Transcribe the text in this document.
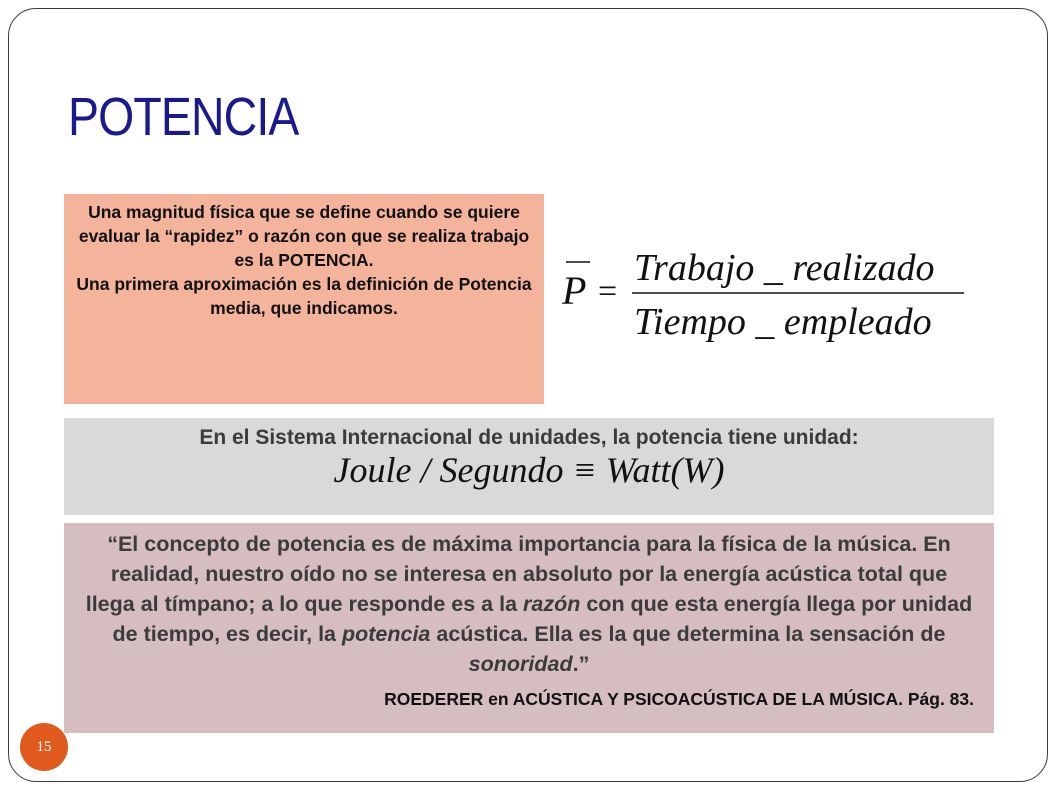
POTENCIA

Una magnitud física que se define cuando se quiere evaluar la “rapidez” o razón con que se realiza trabajo es la POTENCIA.

Una primera aproximación es la definición de Potencia media, que indicamos.	P =
Trabajo _ realizado
Tiempo _ empleado
En el Sistema Internacional de unidades, la potencia tiene unidad:
Joule / Segundo ≡ Watt(W)

“El concepto de potencia es de máxima importancia para la física de la música. En realidad, nuestro oído no se interesa en absoluto por la energía acústica total que llega al tímpano; a lo que responde es a la razón con que esta energía llega por unidad de tiempo, es decir, la potencia acústica. Ella es la que determina la sensación de sonoridad.”

ROEDERER en ACÚSTICA Y PSICOACÚSTICA DE LA MÚSICA. Pág. 83.
15
